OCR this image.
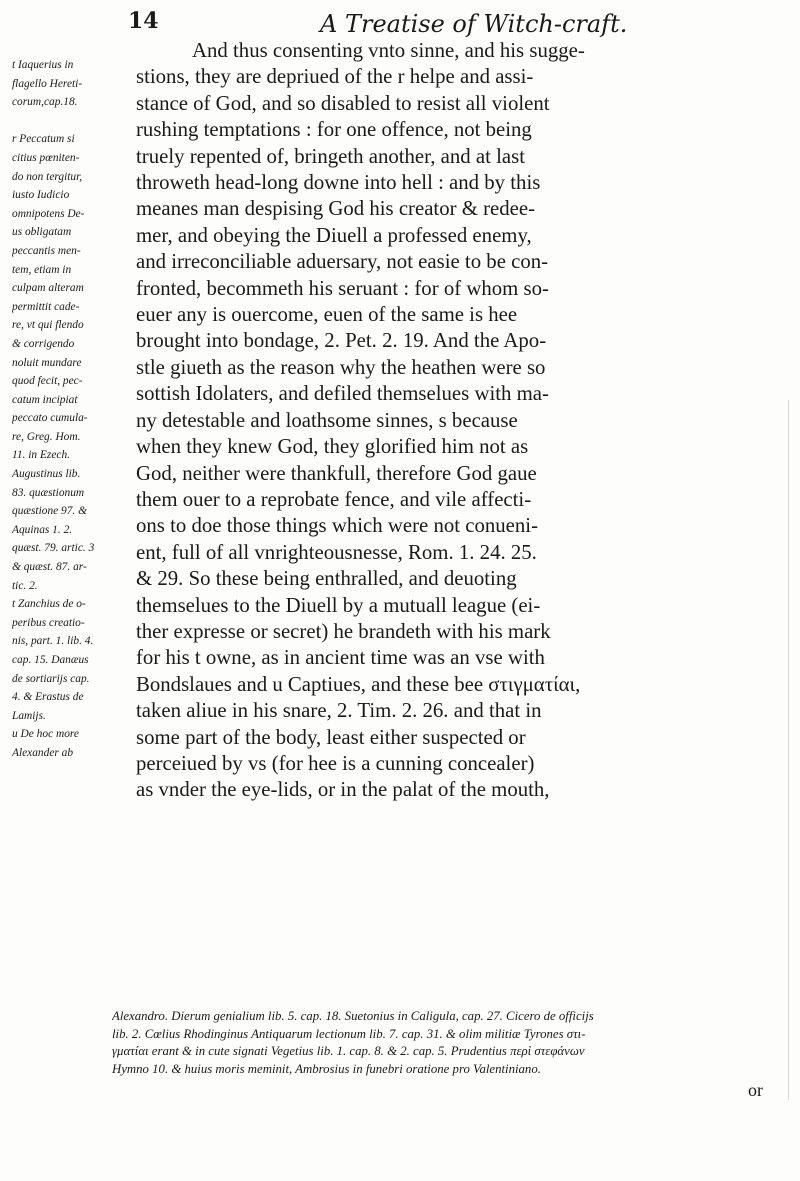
14	A Treatise of Witch-craft.
t Iaquerius in
flagello Hereti-
corum,cap.18.

r Peccatum si
citius pœniten-
do non tergitur,
iusto Iudicio
omnipotens De-
us obligatam
peccantis men-
tem, etiam in
culpam alteram
permittit cade-
re, vt qui flendo
& corrigendo
noluit mundare
quod fecit, pec-
catum incipiat
peccato cumula-
re, Greg. Hom.
11. in Ezech.
Augustinus lib.
83. quæstionum
quæstione 97. &
Aquinas 1. 2.
quæst. 79. artic. 3
& quæst. 87. ar-
tic. 2.
t Zanchius de o-
peribus creatio-
nis, part. 1. lib. 4.
cap. 15. Danæus
de sortiarijs cap.
4. & Erastus de
Lamijs.
u De hoc more
Alexander ab
And thus consenting vnto sinne, and his sugge-
stions, they are depriued of the r helpe and assi-
stance of God, and so disabled to resist all violent
rushing temptations : for one offence, not being
truely repented of, bringeth another, and at last
throweth head-long downe into hell : and by this
meanes man despising God his creator & redee-
mer, and obeying the Diuell a professed enemy,
and irreconciliable aduersary, not easie to be con-
fronted, becommeth his seruant : for of whom so-
euer any is ouercome, euen of the same is hee
brought into bondage, 2. Pet. 2. 19. And the Apo-
stle giueth as the reason why the heathen were so
sottish Idolaters, and defiled themselues with ma-
ny detestable and loathsome sinnes, s becausе
when they knew God, they glorified him not as
God, neither were thankfull, therefore God gaue
them ouer to a reprobate fence, and vile affecti-
ons to doe those things which were not conueni-
ent, full of all vnrighteousnesse, Rom. 1. 24. 25.
& 29. So these being enthralled, and deuoting
themselues to the Diuell by a mutuall league (ei-
ther expresse or secret) he brandeth with his mark
for his t owne, as in ancient time was an vse with
Bondslaues and u Captiues, and these bee στιγματίαι,
taken aliue in his snare, 2. Tim. 2. 26. and that in
some part of the body, least either suspected or
perceiued by vs (for hee is a cunning concealer)
as vnder the eye-lids, or in the palat of the mouth,
Alexandro. Dierum genialium lib. 5. cap. 18. Suetonius in Caligula, cap. 27. Cicero de officijs
lib. 2. Cœlius Rhodinginus Antiquarum lectionum lib. 7. cap. 31. & olim militiæ Tyrones στι-
γματίαι erant & in cute signati Vegetius lib. 1. cap. 8. & 2. cap. 5. Prudentius περὶ στεφάνων
Hymno 10. & huius moris meminit, Ambrosius in funebri oratione pro Valentiniano.
or
